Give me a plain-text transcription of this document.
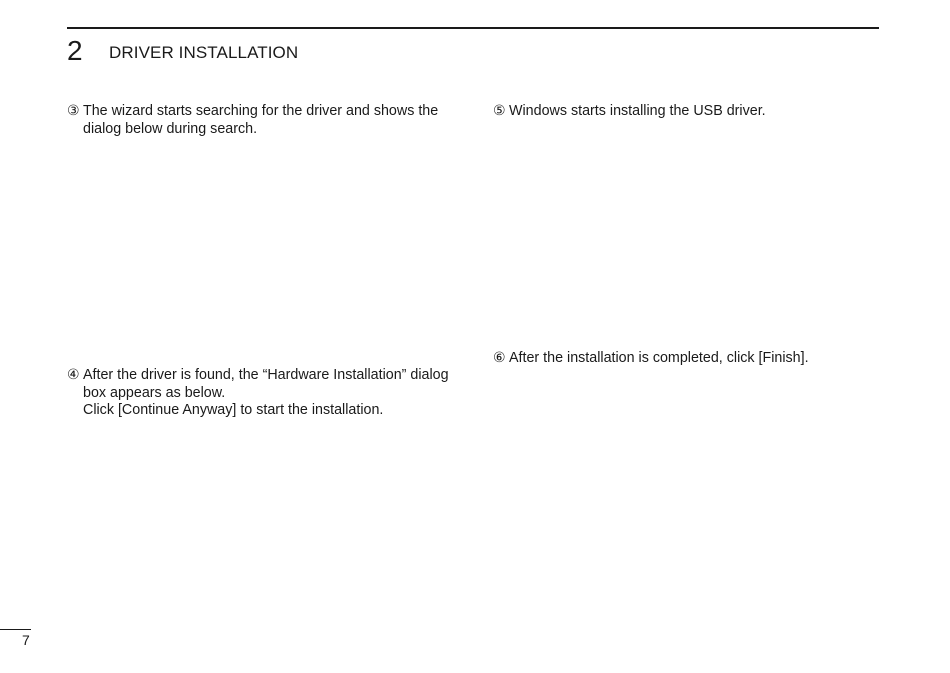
2 DRIVER INSTALLATION
③ The wizard starts searching for the driver and shows the
dialog below during search.
④ After the driver is found, the “Hardware Installation” dialog
box appears as below.
Click [Continue Anyway] to start the installation.
⑤ Windows starts installing the USB driver.
⑥ After the installation is completed, click [Finish].
7
